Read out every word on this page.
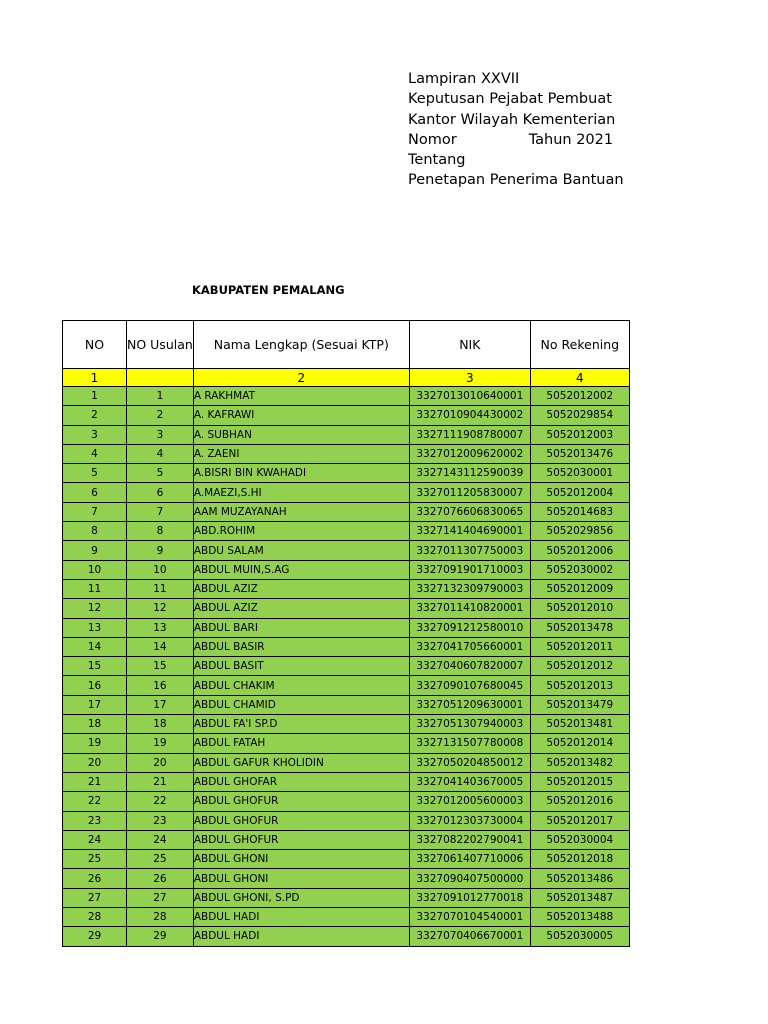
Lampiran XXVII
Keputusan Pejabat Pembuat
Kantor Wilayah Kementerian
Nomor	Tahun 2021
Tentang
Penetapan Penerima Bantuan
KABUPATEN PEMALANG
NO	NO Usulan	Nama Lengkap (Sesuai KTP)	NIK	No Rekening
1		2	3	4
1	1	A RAKHMAT	3327013010640001	5052012002
2	2	A. KAFRAWI	3327010904430002	5052029854
3	3	A. SUBHAN	3327111908780007	5052012003
4	4	A. ZAENI	3327012009620002	5052013476
5	5	A.BISRI BIN KWAHADI	3327143112590039	5052030001
6	6	A.MAEZI,S.HI	3327011205830007	5052012004
7	7	AAM MUZAYANAH	3327076606830065	5052014683
8	8	ABD.ROHIM	3327141404690001	5052029856
9	9	ABDU SALAM	3327011307750003	5052012006
10	10	ABDUL MUIN,S.AG	3327091901710003	5052030002
11	11	ABDUL AZIZ	3327132309790003	5052012009
12	12	ABDUL AZIZ	3327011410820001	5052012010
13	13	ABDUL BARI	3327091212580010	5052013478
14	14	ABDUL BASIR	3327041705660001	5052012011
15	15	ABDUL BASIT	3327040607820007	5052012012
16	16	ABDUL CHAKIM	3327090107680045	5052012013
17	17	ABDUL CHAMID	3327051209630001	5052013479
18	18	ABDUL FA'I SP.D	3327051307940003	5052013481
19	19	ABDUL FATAH	3327131507780008	5052012014
20	20	ABDUL GAFUR KHOLIDIN	3327050204850012	5052013482
21	21	ABDUL GHOFAR	3327041403670005	5052012015
22	22	ABDUL GHOFUR	3327012005600003	5052012016
23	23	ABDUL GHOFUR	3327012303730004	5052012017
24	24	ABDUL GHOFUR	3327082202790041	5052030004
25	25	ABDUL GHONI	3327061407710006	5052012018
26	26	ABDUL GHONI	3327090407500000	5052013486
27	27	ABDUL GHONI, S.PD	3327091012770018	5052013487
28	28	ABDUL HADI	3327070104540001	5052013488
29	29	ABDUL HADI	3327070406670001	5052030005
